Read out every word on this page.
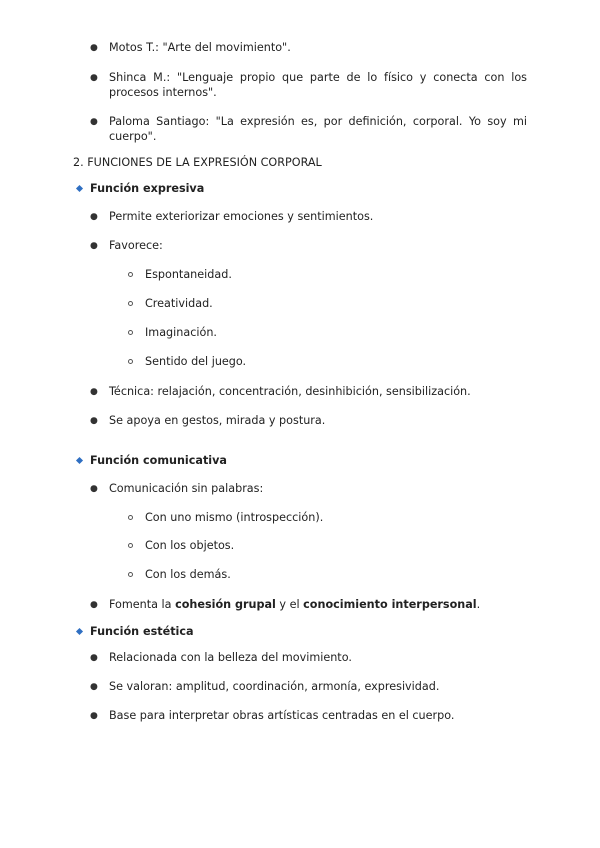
● Motos T.: "Arte del movimiento".
● Shinca M.: "Lenguaje propio que parte de lo físico y conecta con los
procesos internos".
● Paloma Santiago: "La expresión es, por definición, corporal. Yo soy mi
cuerpo".
2. FUNCIONES DE LA EXPRESIÓN CORPORAL
Función expresiva
● Permite exteriorizar emociones y sentimientos.
● Favorece:
Espontaneidad.
Creatividad.
Imaginación.
Sentido del juego.
● Técnica: relajación, concentración, desinhibición, sensibilización.
● Se apoya en gestos, mirada y postura.
Función comunicativa
● Comunicación sin palabras:
Con uno mismo (introspección).
Con los objetos.
Con los demás.
● Fomenta la cohesión grupal y el conocimiento interpersonal.
Función estética
● Relacionada con la belleza del movimiento.
● Se valoran: amplitud, coordinación, armonía, expresividad.
● Base para interpretar obras artísticas centradas en el cuerpo.
